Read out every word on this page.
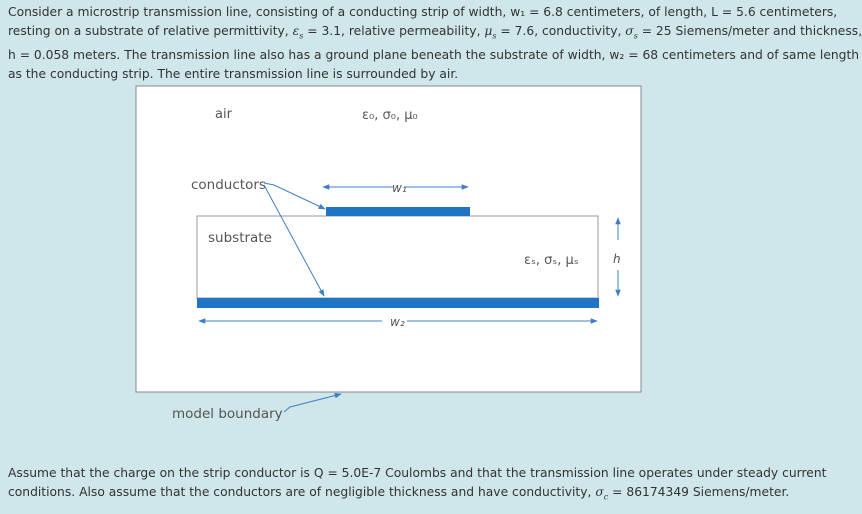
Consider a microstrip transmission line, consisting of a conducting strip of width, w₁ = 6.8 centimeters, of length, L = 5.6 centimeters,
resting on a substrate of relative permittivity, $\varepsilon_s = 3.1$, relative permeability, $\mu_s = 7.6$, conductivity, $\sigma_s = 25$ Siemens/meter and thickness,
h = 0.058 meters. The transmission line also has a ground plane beneath the substrate of width, w₂ = 68 centimeters and of same length
as the conducting strip. The entire transmission line is surrounded by air.
air	ε₀, σ₀, μ₀
conductors
substrate
εₛ, σₛ, μₛ	h
model boundary
w₁
w₂
Assume that the charge on the strip conductor is Q = 5.0E-7 Coulombs and that the transmission line operates under steady current
conditions. Also assume that the conductors are of negligible thickness and have conductivity, $\sigma_c = 86174349$ Siemens/meter.
